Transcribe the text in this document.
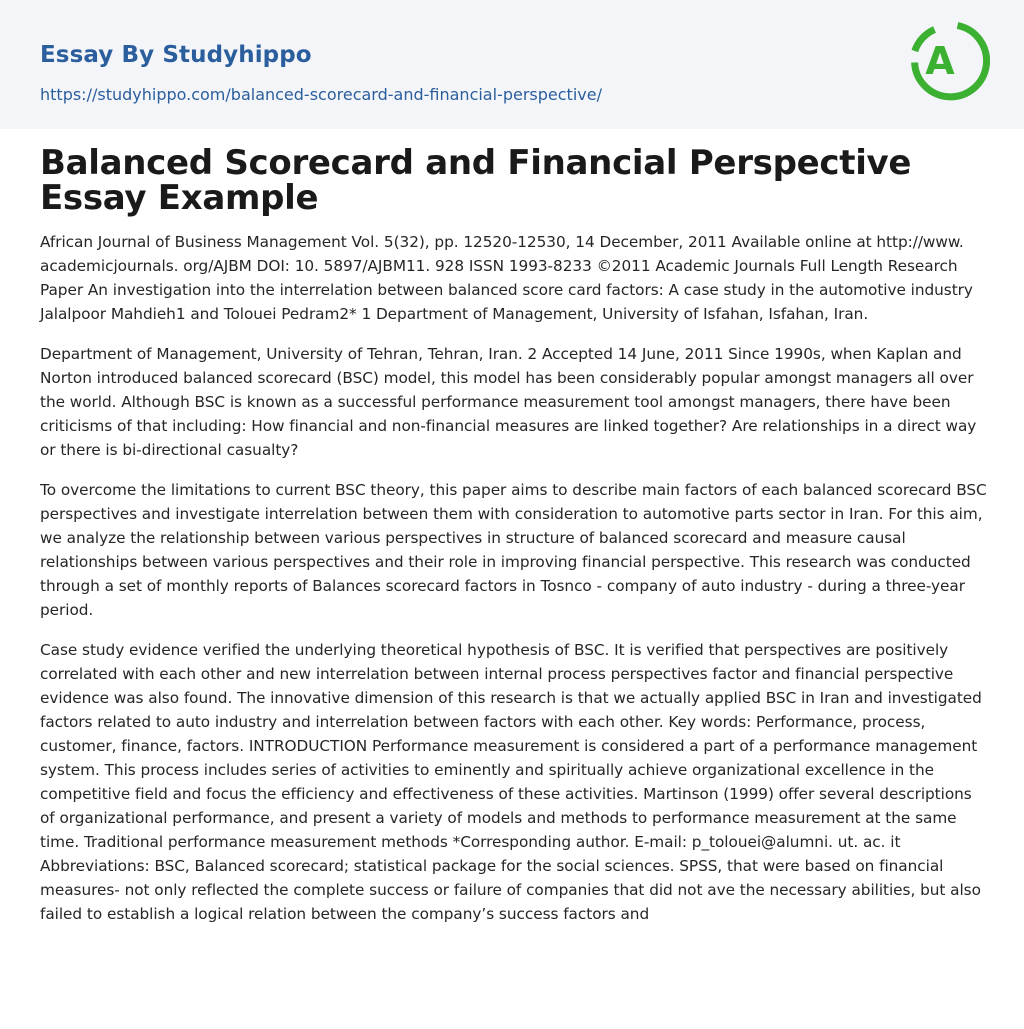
Essay By Studyhippo
https://studyhippo.com/balanced-scorecard-and-financial-perspective/
A
Balanced Scorecard and Financial Perspective Essay Example

African Journal of Business Management Vol. 5(32), pp. 12520-12530, 14 December, 2011 Available online at http://www. academicjournals. org/AJBM DOI: 10. 5897/AJBM11. 928 ISSN 1993-8233 ©2011 Academic Journals Full Length Research Paper An investigation into the interrelation between balanced score card factors: A case study in the automotive industry Jalalpoor Mahdieh1 and Tolouei Pedram2* 1 Department of Management, University of Isfahan, Isfahan, Iran.

Department of Management, University of Tehran, Tehran, Iran. 2 Accepted 14 June, 2011 Since 1990s, when Kaplan and Norton introduced balanced scorecard (BSC) model, this model has been considerably popular amongst managers all over the world. Although BSC is known as a successful performance measurement tool amongst managers, there have been criticisms of that including: How financial and non-financial measures are linked together? Are relationships in a direct way or there is bi-directional casualty?

To overcome the limitations to current BSC theory, this paper aims to describe main factors of each balanced scorecard BSC perspectives and investigate interrelation between them with consideration to automotive parts sector in Iran. For this aim, we analyze the relationship between various perspectives in structure of balanced scorecard and measure causal relationships between various perspectives and their role in improving financial perspective. This research was conducted through a set of monthly reports of Balances scorecard factors in Tosnco - company of auto industry - during a three-year period.

Case study evidence verified the underlying theoretical hypothesis of BSC. It is verified that perspectives are positively correlated with each other and new interrelation between internal process perspectives factor and financial perspective evidence was also found. The innovative dimension of this research is that we actually applied BSC in Iran and investigated factors related to auto industry and interrelation between factors with each other. Key words: Performance, process, customer, finance, factors. INTRODUCTION Performance measurement is considered a part of a performance management system. This process includes series of activities to eminently and spiritually achieve organizational excellence in the competitive field and focus the efficiency and effectiveness of these activities. Martinson (1999) offer several descriptions of organizational performance, and present a variety of models and methods to performance measurement at the same time. Traditional performance measurement methods *Corresponding author. E-mail: p_tolouei@alumni. ut. ac. it Abbreviations: BSC, Balanced scorecard; statistical package for the social sciences. SPSS, that were based on financial measures- not only reflected the complete success or failure of companies that did not ave the necessary abilities, but also failed to establish a logical relation between the company’s success factors and
